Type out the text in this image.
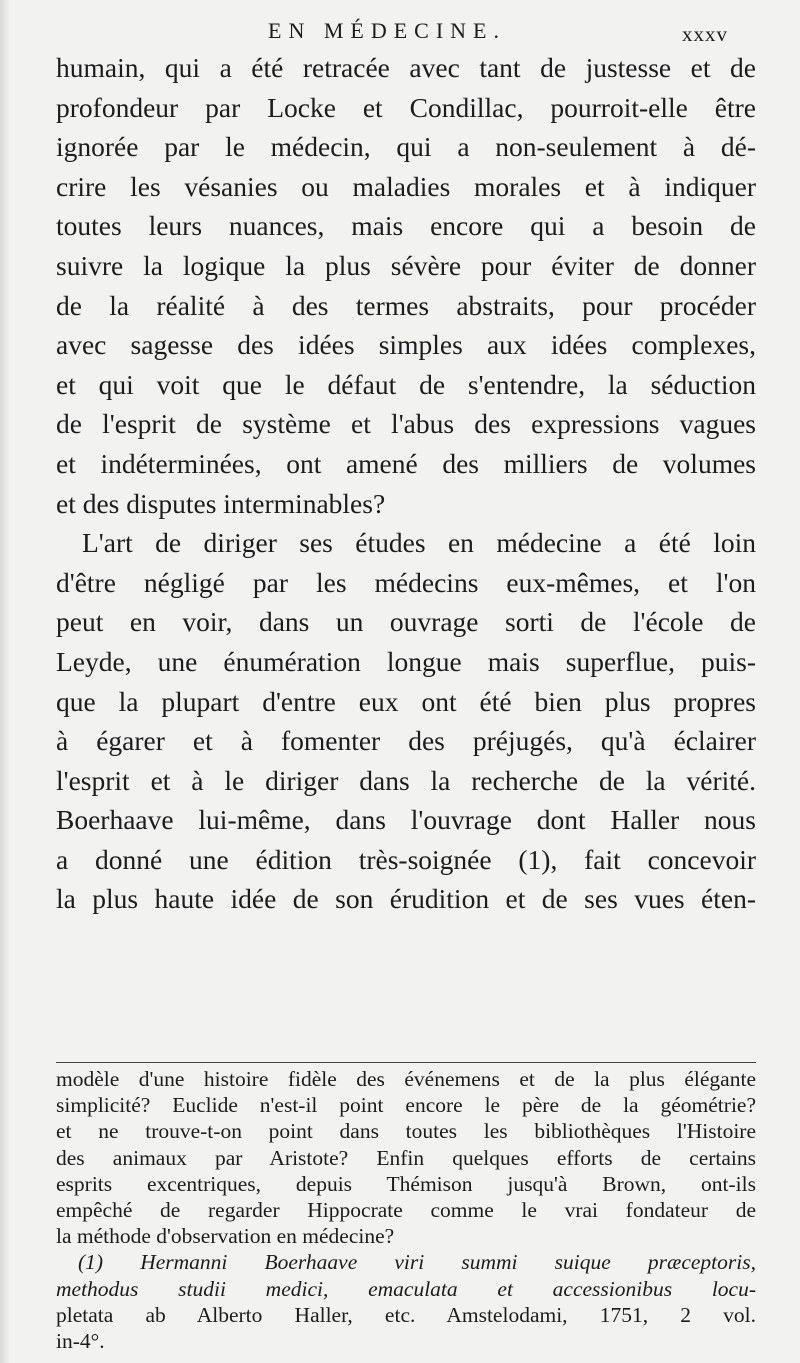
EN MÉDECINE.	xxxv
humain, qui a été retracée avec tant de justesse et de
profondeur par Locke et Condillac, pourroit-elle être
ignorée par le médecin, qui a non-seulement à dé-
crire les vésanies ou maladies morales et à indiquer
toutes leurs nuances, mais encore qui a besoin de
suivre la logique la plus sévère pour éviter de donner
de la réalité à des termes abstraits, pour procéder
avec sagesse des idées simples aux idées complexes,
et qui voit que le défaut de s'entendre, la séduction
de l'esprit de système et l'abus des expressions vagues
et indéterminées, ont amené des milliers de volumes
et des disputes interminables?
L'art de diriger ses études en médecine a été loin
d'être négligé par les médecins eux-mêmes, et l'on
peut en voir, dans un ouvrage sorti de l'école de
Leyde, une énumération longue mais superflue, puis-
que la plupart d'entre eux ont été bien plus propres
à égarer et à fomenter des préjugés, qu'à éclairer
l'esprit et à le diriger dans la recherche de la vérité.
Boerhaave lui-même, dans l'ouvrage dont Haller nous
a donné une édition très-soignée (1), fait concevoir
la plus haute idée de son érudition et de ses vues éten-
modèle d'une histoire fidèle des événemens et de la plus élégante
simplicité? Euclide n'est-il point encore le père de la géométrie?
et ne trouve-t-on point dans toutes les bibliothèques l'Histoire
des animaux par Aristote? Enfin quelques efforts de certains
esprits excentriques, depuis Thémison jusqu'à Brown, ont-ils
empêché de regarder Hippocrate comme le vrai fondateur de
la méthode d'observation en médecine?
(1) Hermanni Boerhaave viri summi suique præceptoris,
methodus studii medici, emaculata et accessionibus locu-
pletata ab Alberto Haller, etc. Amstelodami, 1751, 2 vol.
in-4°.
